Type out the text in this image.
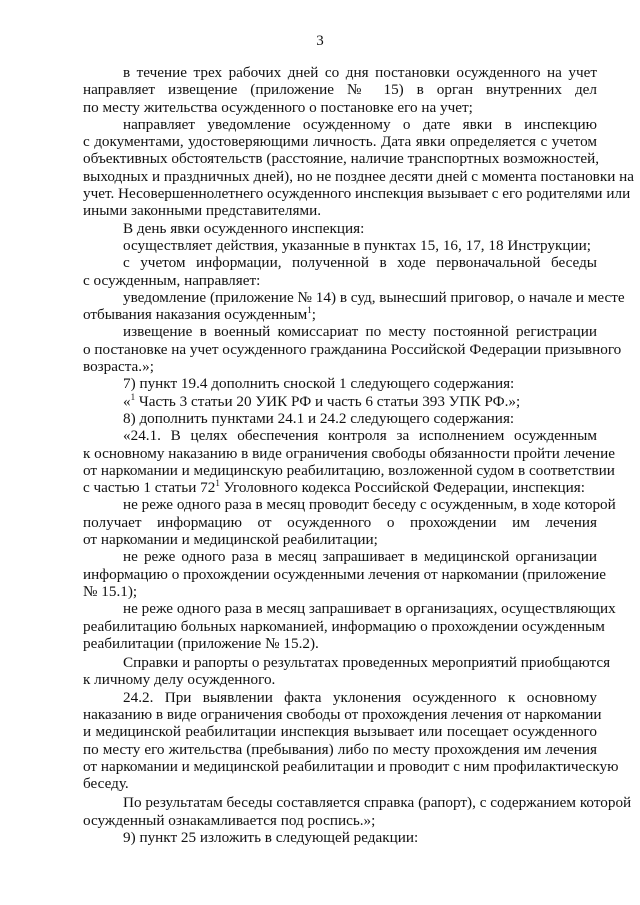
3
в течение трех рабочих дней со дня постановки осужденного на учет
направляет извещение (приложение № 15) в орган внутренних дел
по месту жительства осужденного о постановке его на учет;
направляет уведомление осужденному о дате явки в инспекцию
с документами, удостоверяющими личность. Дата явки определяется с учетом
объективных обстоятельств (расстояние, наличие транспортных возможностей,
выходных и праздничных дней), но не позднее десяти дней с момента постановки на
учет. Несовершеннолетнего осужденного инспекция вызывает с его родителями или
иными законными представителями.
В день явки осужденного инспекция:
осуществляет действия, указанные в пунктах 15, 16, 17, 18 Инструкции;
с учетом информации, полученной в ходе первоначальной беседы
с осужденным, направляет:
уведомление (приложение № 14) в суд, вынесший приговор, о начале и месте
отбывания наказания осужденным$^1$;
извещение в военный комиссариат по месту постоянной регистрации
о постановке на учет осужденного гражданина Российской Федерации призывного
возраста.»;
7) пункт 19.4 дополнить сноской 1 следующего содержания:
«$^1$ Часть 3 статьи 20 УИК РФ и часть 6 статьи 393 УПК РФ.»;
8) дополнить пунктами 24.1 и 24.2 следующего содержания:
«24.1. В целях обеспечения контроля за исполнением осужденным
к основному наказанию в виде ограничения свободы обязанности пройти лечение
от наркомании и медицинскую реабилитацию, возложенной судом в соответствии
с частью 1 статьи $72^1$ Уголовного кодекса Российской Федерации, инспекция:
не реже одного раза в месяц проводит беседу с осужденным, в ходе которой
получает информацию от осужденного о прохождении им лечения
от наркомании и медицинской реабилитации;
не реже одного раза в месяц запрашивает в медицинской организации
информацию о прохождении осужденными лечения от наркомании (приложение
№ 15.1);
не реже одного раза в месяц запрашивает в организациях, осуществляющих
реабилитацию больных наркоманией, информацию о прохождении осужденным
реабилитации (приложение № 15.2).
Справки и рапорты о результатах проведенных мероприятий приобщаются
к личному делу осужденного.
24.2. При выявлении факта уклонения осужденного к основному
наказанию в виде ограничения свободы от прохождения лечения от наркомании
и медицинской реабилитации инспекция вызывает или посещает осужденного
по месту его жительства (пребывания) либо по месту прохождения им лечения
от наркомании и медицинской реабилитации и проводит с ним профилактическую
беседу.
По результатам беседы составляется справка (рапорт), с содержанием которой
осужденный ознакамливается под роспись.»;
9) пункт 25 изложить в следующей редакции:
